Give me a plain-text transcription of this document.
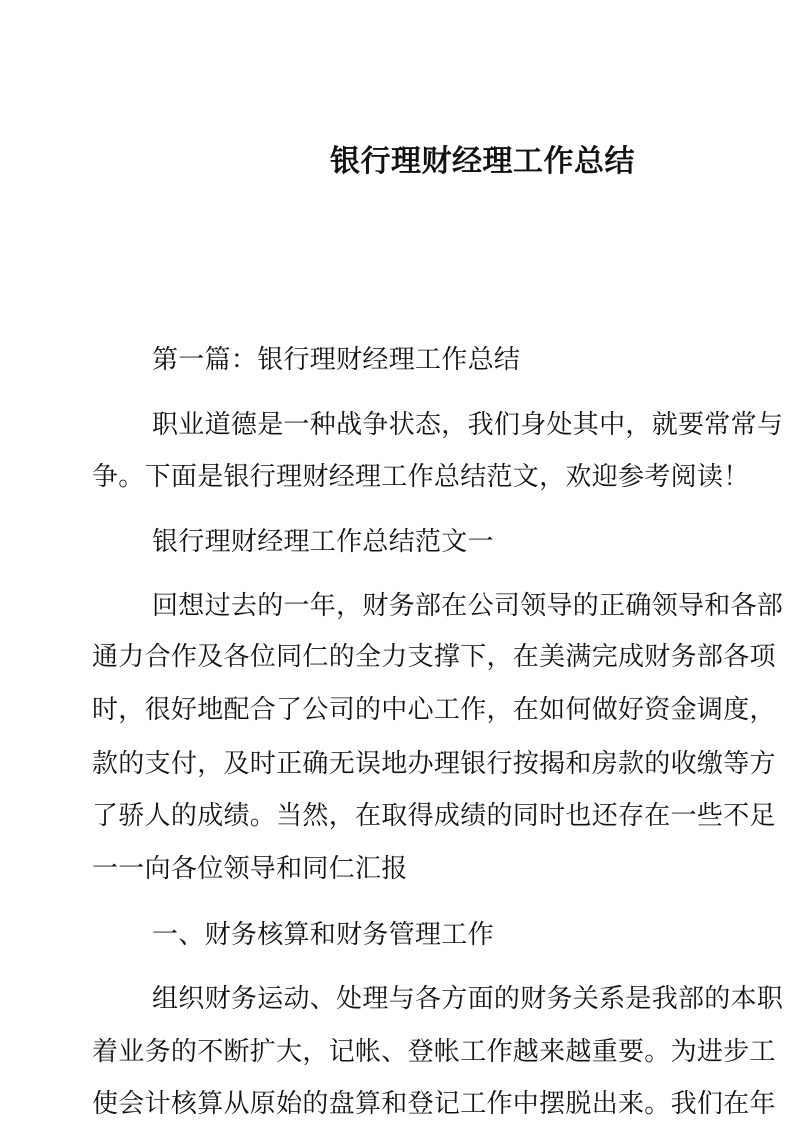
银行理财经理工作总结
第一篇：银行理财经理工作总结
职业道德是一种战争状态，我们身处其中，就要常常与
争。下面是银行理财经理工作总结范文，欢迎参考阅读！
银行理财经理工作总结范文一
回想过去的一年，财务部在公司领导的正确领导和各部
通力合作及各位同仁的全力支撑下，在美满完成财务部各项
时，很好地配合了公司的中心工作，在如何做好资金调度，
款的支付，及时正确无误地办理银行按揭和房款的收缴等方
了骄人的成绩。当然，在取得成绩的同时也还存在一些不足
一一向各位领导和同仁汇报
一、财务核算和财务管理工作
组织财务运动、处理与各方面的财务关系是我部的本职
着业务的不断扩大，记帐、登帐工作越来越重要。为进步工
使会计核算从原始的盘算和登记工作中摆脱出来。我们在年
